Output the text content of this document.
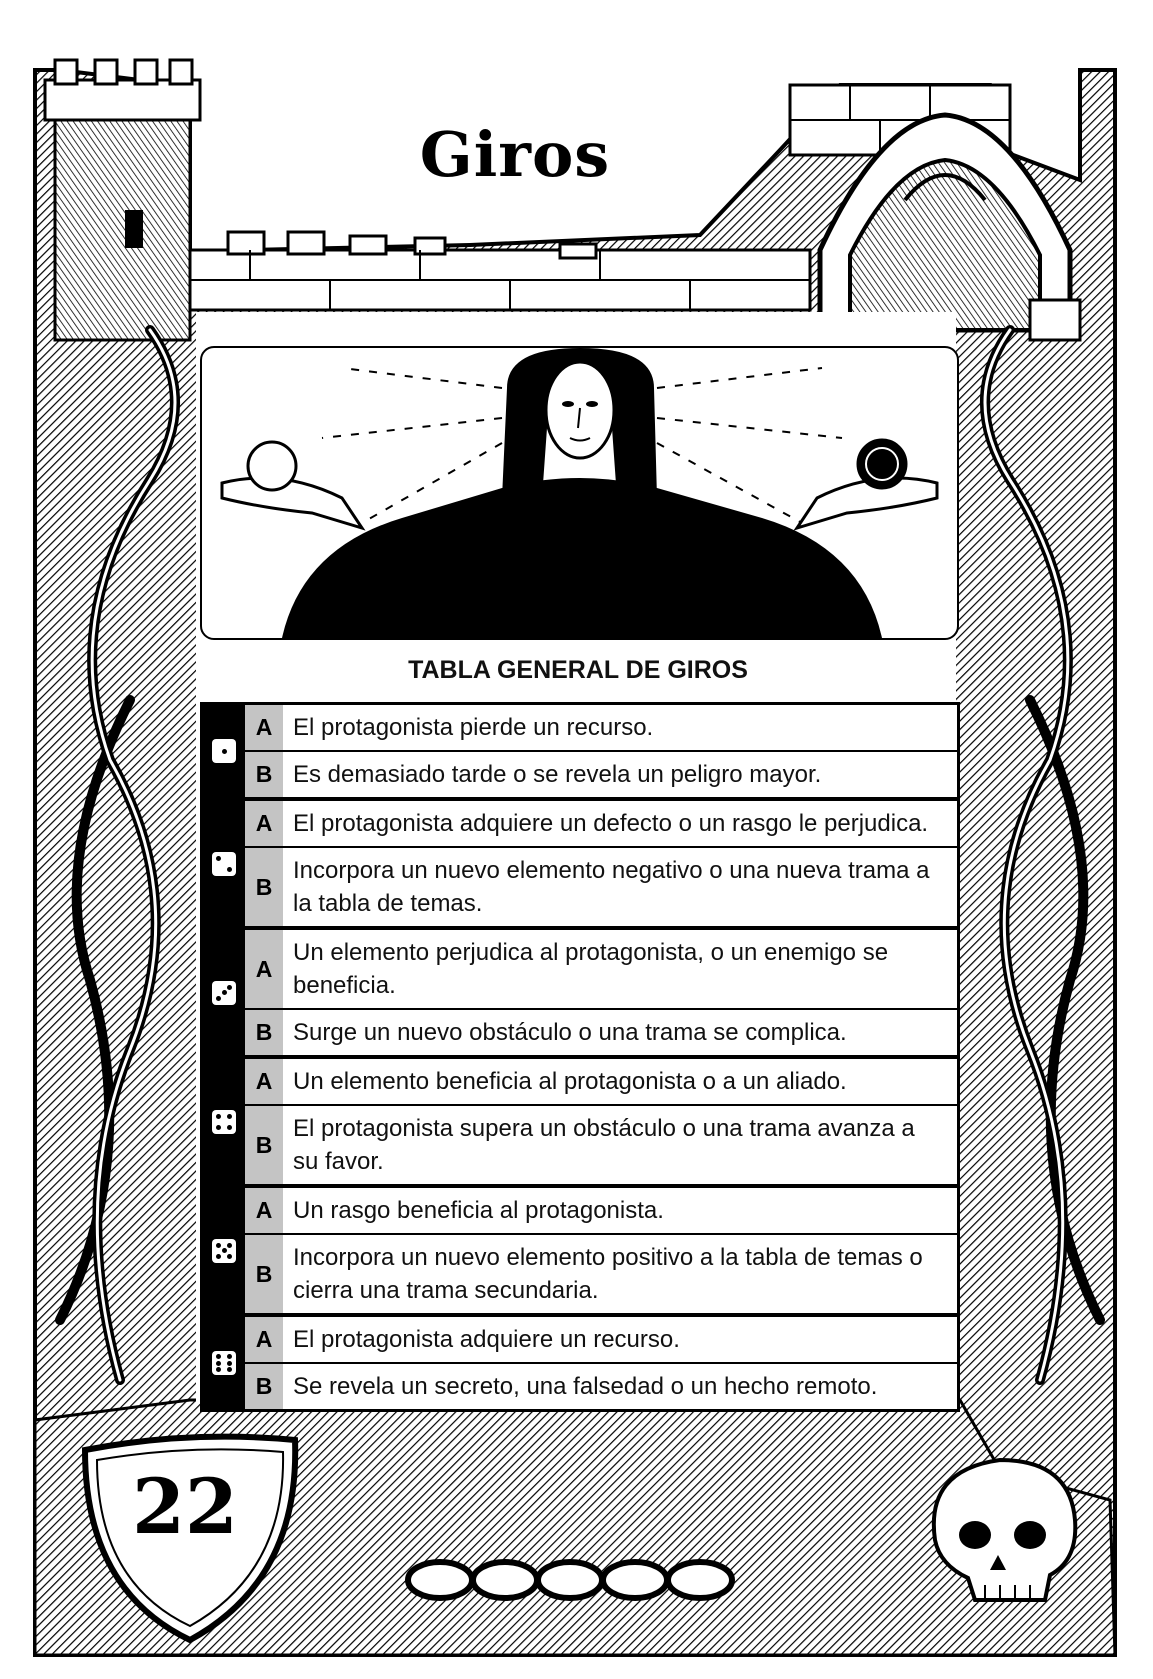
Giros
TABLA GENERAL DE GIROS
A El protagonista pierde un recurso.
B Es demasiado tarde o se revela un peligro mayor.
A El protagonista adquiere un defecto o un rasgo le perjudica.
B
Incorpora un nuevo elemento negativo o una nueva trama a la tabla de temas.
A
Un elemento perjudica al protagonista, o un enemigo se beneficia.
B Surge un nuevo obstáculo o una trama se complica.
A Un elemento beneficia al protagonista o a un aliado.
B
El protagonista supera un obstáculo o una trama avanza a su favor.
A Un rasgo beneficia al protagonista.
B
Incorpora un nuevo elemento positivo a la tabla de temas o cierra una trama secundaria.
A El protagonista adquiere un recurso.
B Se revela un secreto, una falsedad o un hecho remoto.
22
